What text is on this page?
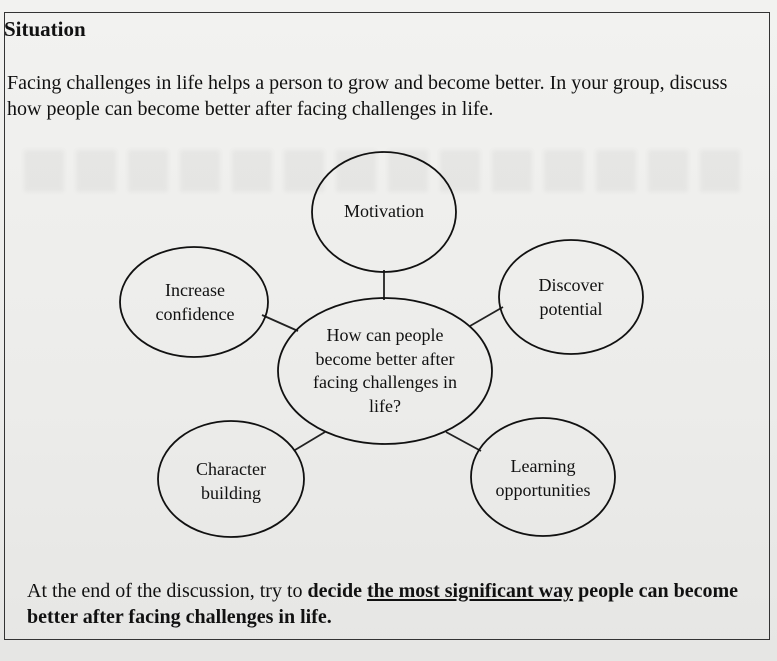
Situation

Facing challenges in life helps a person to grow and become better. In your group, discuss how people can become better after facing challenges in life.

Motivation
Increase
confidence
Discover
potential
How can people
become better after
facing challenges in
life?
Character
building
Learning
opportunities

At the end of the discussion, try to decide the most significant way people can become better after facing challenges in life.
